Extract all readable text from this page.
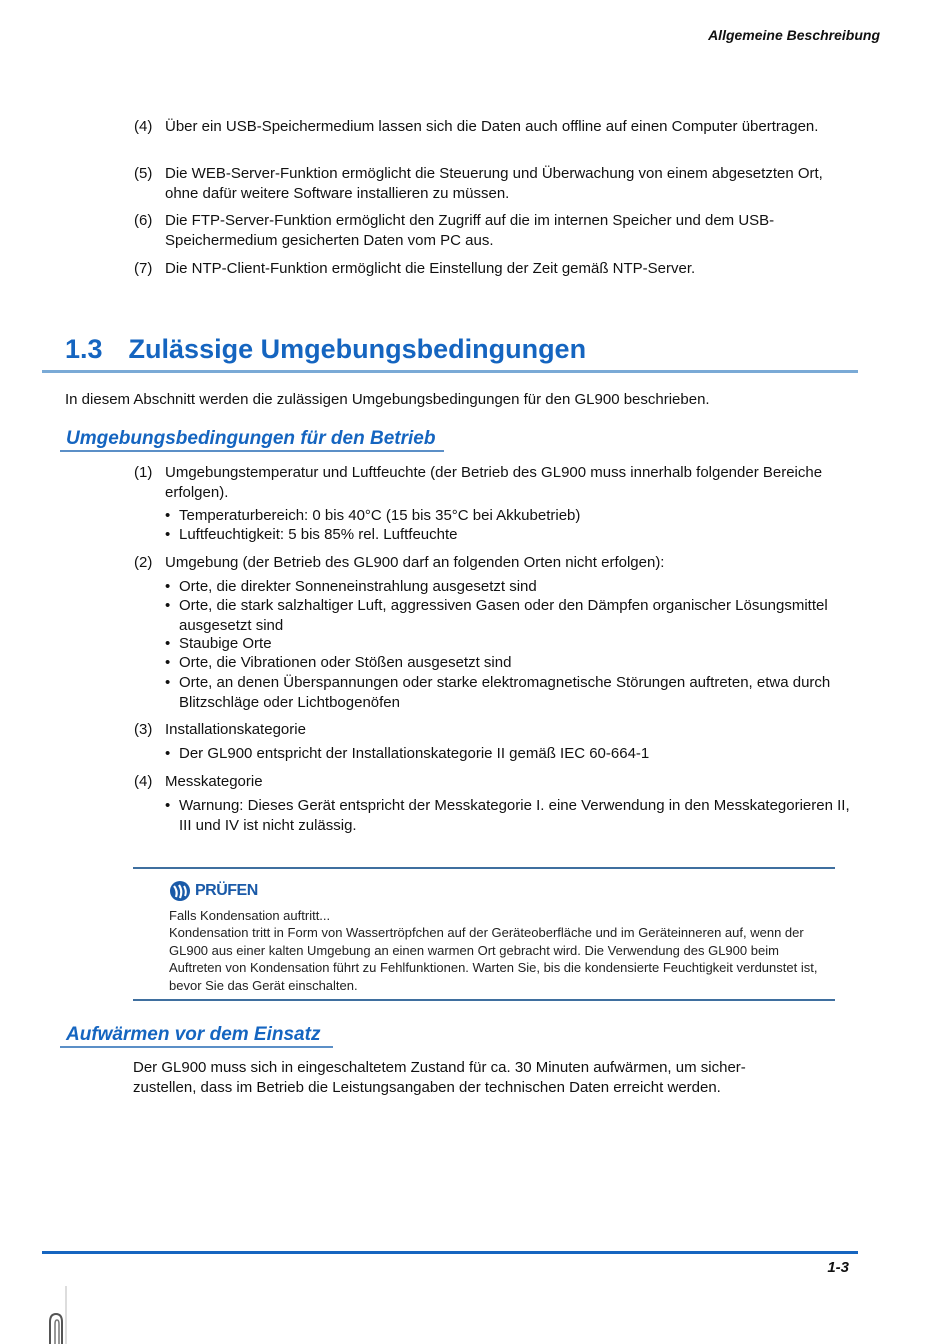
Allgemeine Beschreibung
(4) Über ein USB-Speichermedium lassen sich die Daten auch offline auf einen Computer übertragen.
(5) Die WEB-Server-Funktion ermöglicht die Steuerung und Überwachung von einem abgesetzten Ort, ohne dafür weitere Software installieren zu müssen.
(6) Die FTP-Server-Funktion ermöglicht den Zugriff auf die im internen Speicher und dem USB-Speichermedium gesicherten Daten vom PC aus.
(7) Die NTP-Client-Funktion ermöglicht die Einstellung der Zeit gemäß NTP-Server.
1.3 Zulässige Umgebungsbedingungen
In diesem Abschnitt werden die zulässigen Umgebungsbedingungen für den GL900 beschrieben.
Umgebungsbedingungen für den Betrieb
(1) Umgebungstemperatur und Luftfeuchte (der Betrieb des GL900 muss innerhalb folgender Bereiche erfolgen).
• Temperaturbereich: 0 bis 40°C (15 bis 35°C bei Akkubetrieb)
• Luftfeuchtigkeit: 5 bis 85% rel. Luftfeuchte
(2) Umgebung (der Betrieb des GL900 darf an folgenden Orten nicht erfolgen):
• Orte, die direkter Sonneneinstrahlung ausgesetzt sind
• Orte, die stark salzhaltiger Luft, aggressiven Gasen oder den Dämpfen organischer Lösungsmittel ausgesetzt sind
• Staubige Orte
• Orte, die Vibrationen oder Stößen ausgesetzt sind
• Orte, an denen Überspannungen oder starke elektromagnetische Störungen auftreten, etwa durch Blitzschläge oder Lichtbogenöfen
(3) Installationskategorie
• Der GL900 entspricht der Installationskategorie II gemäß IEC 60-664-1
(4) Messkategorie
• Warnung: Dieses Gerät entspricht der Messkategorie I. eine Verwendung in den Messkategorieren II, III und IV ist nicht zulässig.
PRÜFEN
Falls Kondensation auftritt...
Kondensation tritt in Form von Wassertröpfchen auf der Geräteoberfläche und im Geräteinneren auf, wenn der GL900 aus einer kalten Umgebung an einen warmen Ort gebracht wird. Die Verwendung des GL900 beim Auftreten von Kondensation führt zu Fehlfunktionen. Warten Sie, bis die kondensierte Feuchtigkeit verdunstet ist, bevor Sie das Gerät einschalten.
Aufwärmen vor dem Einsatz
Der GL900 muss sich in eingeschaltetem Zustand für ca. 30 Minuten aufwärmen, um sicher-zustellen, dass im Betrieb die Leistungsangaben der technischen Daten erreicht werden.
1-3
